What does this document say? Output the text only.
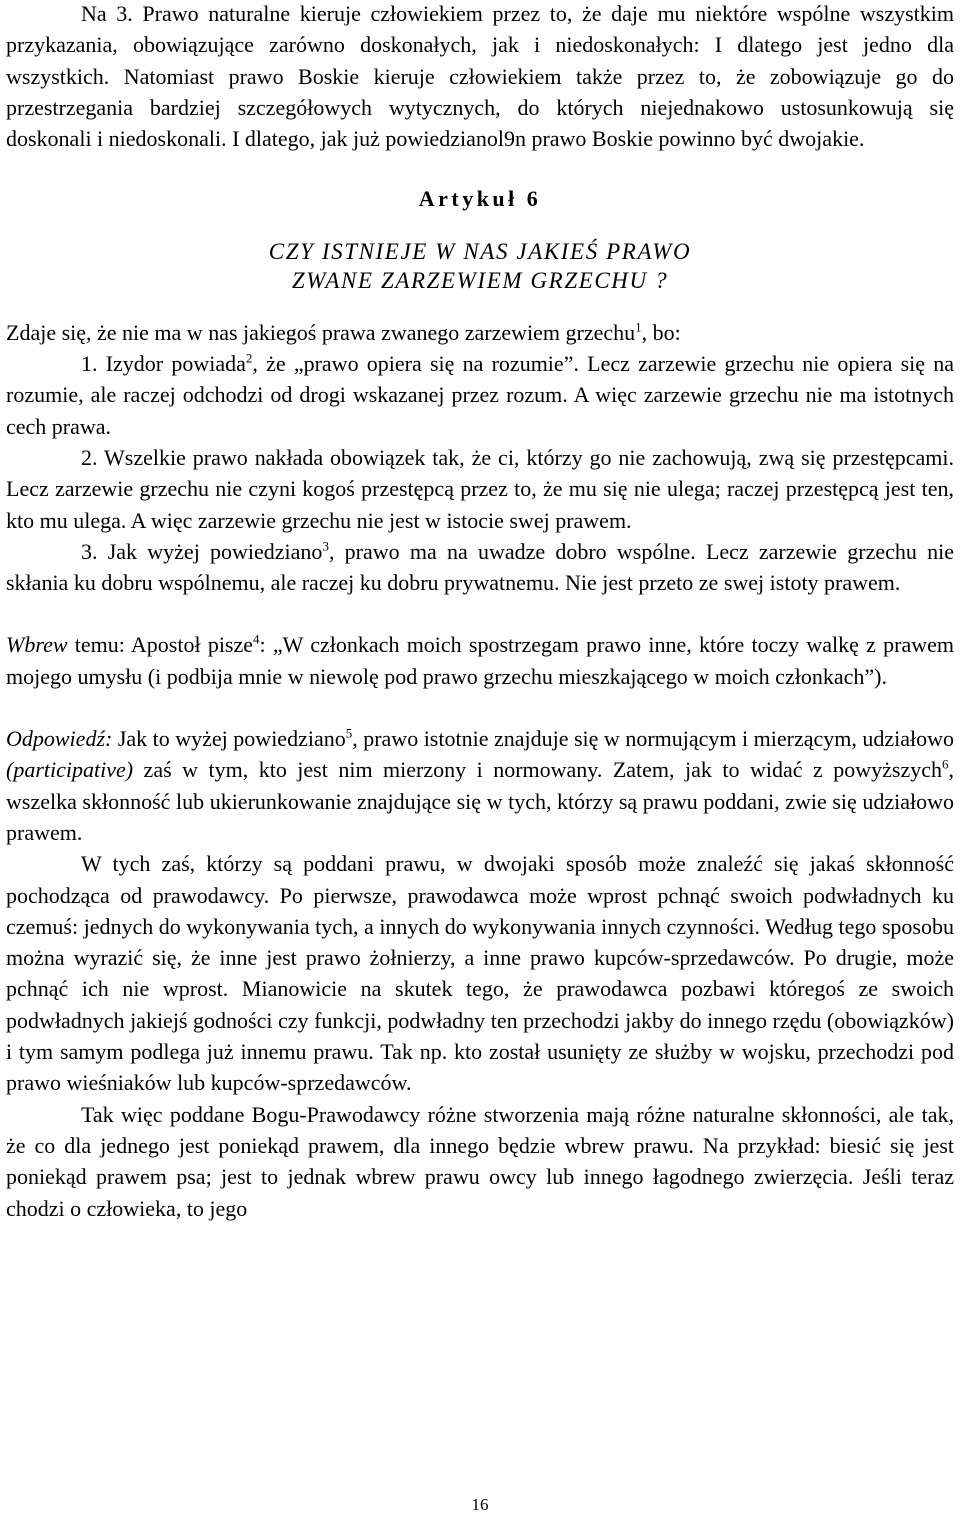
Na 3. Prawo naturalne kieruje człowiekiem przez to, że daje mu niektóre wspólne wszystkim przykazania, obowiązujące zarówno doskonałych, jak i niedoskonałych: I dlatego jest jedno dla wszystkich. Natomiast prawo Boskie kieruje człowiekiem także przez to, że zobowiązuje go do przestrzegania bardziej szczegółowych wytycznych, do których niejednakowo ustosunkowują się doskonali i niedoskonali. I dlatego, jak już powiedzianol9n prawo Boskie powinno być dwojakie.

Artykuł 6

CZY ISTNIEJE W NAS JAKIEŚ PRAWO
ZWANE ZARZEWIEM GRZECHU ?

Zdaje się, że nie ma w nas jakiegoś prawa zwanego zarzewiem grzechu$^1$, bo:

1. Izydor powiada$^2$, że „prawo opiera się na rozumie”. Lecz zarzewie grzechu nie opiera się na rozumie, ale raczej odchodzi od drogi wskazanej przez rozum. A więc zarzewie grzechu nie ma istotnych cech prawa.

2. Wszelkie prawo nakłada obowiązek tak, że ci, którzy go nie zachowują, zwą się przestępcami. Lecz zarzewie grzechu nie czyni kogoś przestępcą przez to, że mu się nie ulega; raczej przestępcą jest ten, kto mu ulega. A więc zarzewie grzechu nie jest w istocie swej prawem.

3. Jak wyżej powiedziano$^3$, prawo ma na uwadze dobro wspólne. Lecz zarzewie grzechu nie skłania ku dobru wspólnemu, ale raczej ku dobru prywatnemu. Nie jest przeto ze swej istoty prawem.

Wbrew temu: Apostoł pisze$^4$: „W członkach moich spostrzegam prawo inne, które toczy walkę z prawem mojego umysłu (i podbija mnie w niewolę pod prawo grzechu mieszkającego w moich członkach”).

Odpowiedź: Jak to wyżej powiedziano$^5$, prawo istotnie znajduje się w normującym i mierzącym, udziałowo (participative) zaś w tym, kto jest nim mierzony i normowany. Zatem, jak to widać z powyższych$^6$, wszelka skłonność lub ukierunkowanie znajdujące się w tych, którzy są prawu poddani, zwie się udziałowo prawem.

W tych zaś, którzy są poddani prawu, w dwojaki sposób może znaleźć się jakaś skłonność pochodząca od prawodawcy. Po pierwsze, prawodawca może wprost pchnąć swoich podwładnych ku czemuś: jednych do wykonywania tych, a innych do wykonywania innych czynności. Według tego sposobu można wyrazić się, że inne jest prawo żołnierzy, a inne prawo kupców-sprzedawców. Po drugie, może pchnąć ich nie wprost. Mianowicie na skutek tego, że prawodawca pozbawi któregoś ze swoich podwładnych jakiejś godności czy funkcji, podwładny ten przechodzi jakby do innego rzędu (obowiązków) i tym samym podlega już innemu prawu. Tak np. kto został usunięty ze służby w wojsku, przechodzi pod prawo wieśniaków lub kupców-sprzedawców.

Tak więc poddane Bogu-Prawodawcy różne stworzenia mają różne naturalne skłonności, ale tak, że co dla jednego jest poniekąd prawem, dla innego będzie wbrew prawu. Na przykład: biesić się jest poniekąd prawem psa; jest to jednak wbrew prawu owcy lub innego łagodnego zwierzęcia. Jeśli teraz chodzi o człowieka, to jego

16
